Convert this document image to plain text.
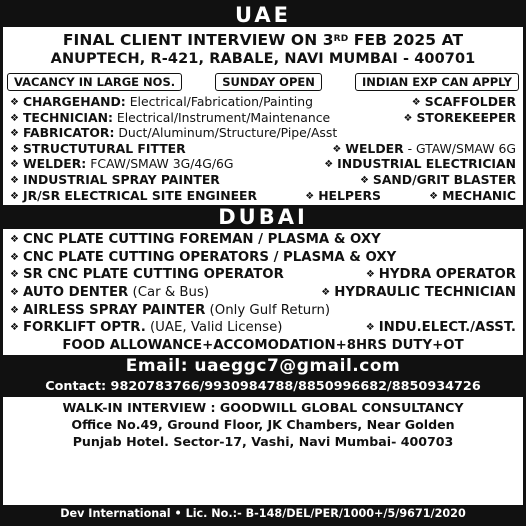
UAE
FINAL CLIENT INTERVIEW ON 3RD FEB 2025 AT
ANUPTECH, R-421, RABALE, NAVI MUMBAI - 400701
VACANCY IN LARGE NOS.	SUNDAY OPEN	INDIAN EXP CAN APPLY
❖ CHARGEHAND: Electrical/Fabrication/Painting	❖ SCAFFOLDER
❖ TECHNICIAN: Electrical/Instrument/Maintenance	❖ STOREKEEPER
❖ FABRICATOR: Duct/Aluminum/Structure/Pipe/Asst
❖ STRUCTUTURAL FITTER	❖ WELDER - GTAW/SMAW 6G
❖ WELDER: FCAW/SMAW 3G/4G/6G	❖ INDUSTRIAL ELECTRICIAN
❖ INDUSTRIAL SPRAY PAINTER	❖ SAND/GRIT BLASTER
❖ JR/SR ELECTRICAL SITE ENGINEER	❖ HELPERS	❖ MECHANIC
DUBAI
❖ CNC PLATE CUTTING FOREMAN / PLASMA & OXY
❖ CNC PLATE CUTTING OPERATORS / PLASMA & OXY
❖ SR CNC PLATE CUTTING OPERATOR	❖ HYDRA OPERATOR
❖ AUTO DENTER (Car & Bus)	❖ HYDRAULIC TECHNICIAN
❖ AIRLESS SPRAY PAINTER (Only Gulf Return)
❖ FORKLIFT OPTR. (UAE, Valid License)	❖ INDU.ELECT./ASST.
FOOD ALLOWANCE+ACCOMODATION+8HRS DUTY+OT
Email: uaeggc7@gmail.com
Contact: 9820783766/9930984788/8850996682/8850934726
WALK-IN INTERVIEW : GOODWILL GLOBAL CONSULTANCY
Office No.49, Ground Floor, JK Chambers, Near Golden
Punjab Hotel. Sector-17, Vashi, Navi Mumbai- 400703
Dev International • Lic. No.:- B-148/DEL/PER/1000+/5/9671/2020
